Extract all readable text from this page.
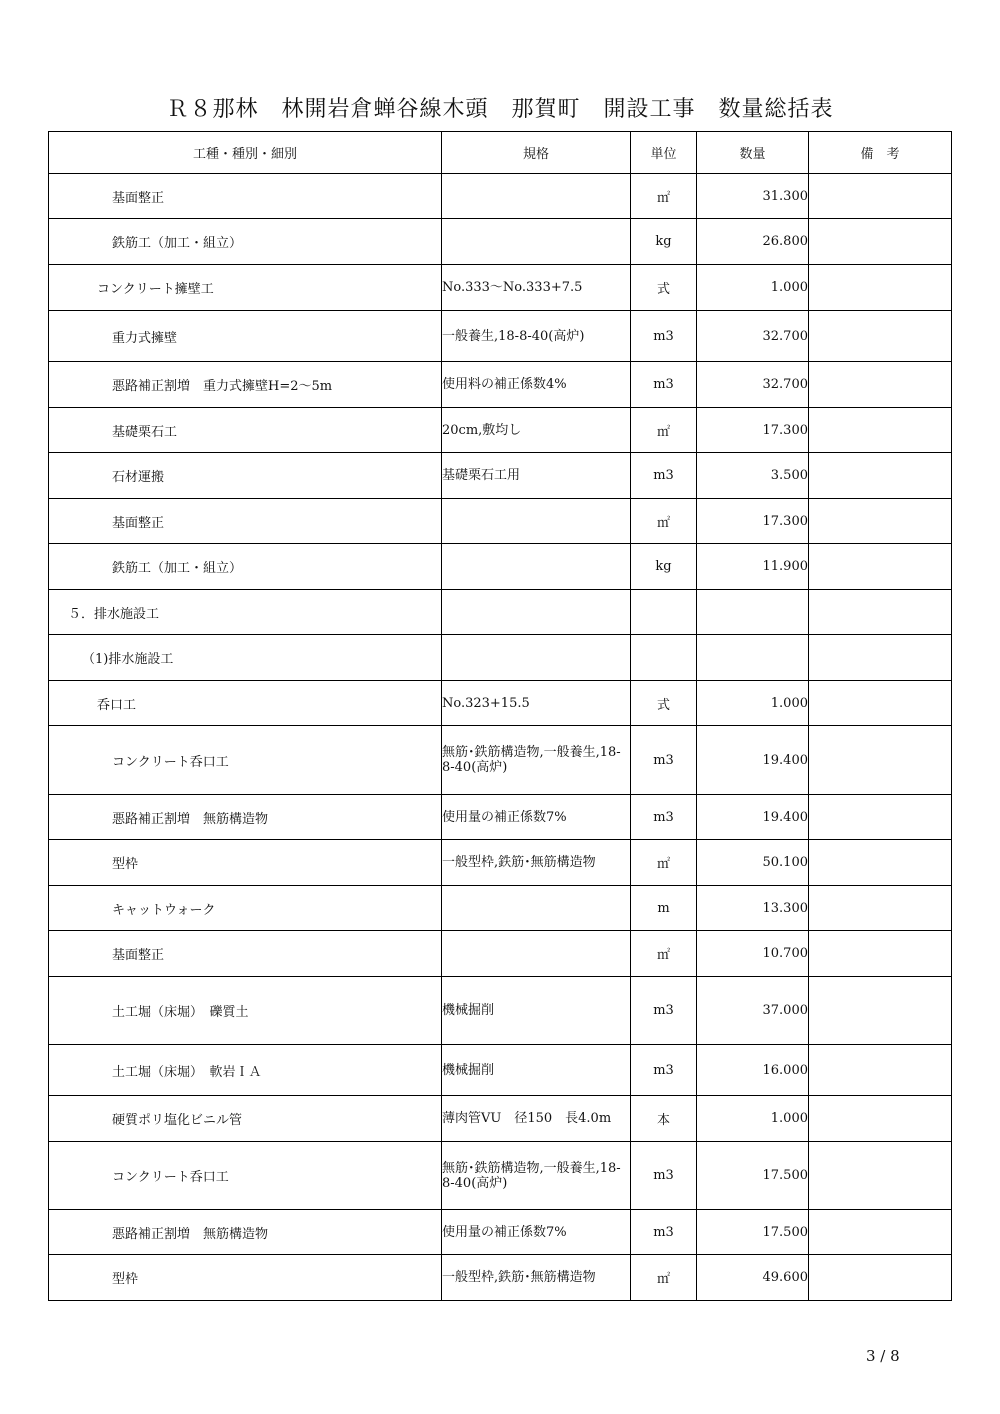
Ｒ８那林　林開岩倉蝉谷線木頭　那賀町　開設工事　数量総括表
工種・種別・細別	規格	単位	数量	備　考

基面整正		㎡	31.300	

鉄筋工（加工・組立）		kg	26.800	

コンクリート擁壁工	No.333～No.333+7.5	式	1.000	

重力式擁壁	一般養生,18-8-40(高炉)	m3	32.700	

悪路補正割増　重力式擁壁H=2～5m	使用料の補正係数4%	m3	32.700	

基礎栗石工	20cm,敷均し	㎡	17.300	

石材運搬	基礎栗石工用	m3	3.500	

基面整正		㎡	17.300	

鉄筋工（加工・組立）		kg	11.900	

５．排水施設工				

（1)排水施設工				

呑口工	No.323+15.5	式	1.000	

コンクリート呑口工	無筋･鉄筋構造物,一般養生,18-8-40(高炉)	m3	19.400	

悪路補正割増　無筋構造物	使用量の補正係数7%	m3	19.400	

型枠	一般型枠,鉄筋･無筋構造物	㎡	50.100	

キャットウォーク		m	13.300	

基面整正		㎡	10.700	

土工堀（床堀）　礫質土	機械掘削	m3	37.000	

土工堀（床堀）　軟岩ＩＡ	機械掘削	m3	16.000	

硬質ポリ塩化ビニル管	薄肉管VU　径150　長4.0m	本	1.000	

コンクリート呑口工	無筋･鉄筋構造物,一般養生,18-8-40(高炉)	m3	17.500	

悪路補正割増　無筋構造物	使用量の補正係数7%	m3	17.500	

型枠	一般型枠,鉄筋･無筋構造物	㎡	49.600	
3 / 8
